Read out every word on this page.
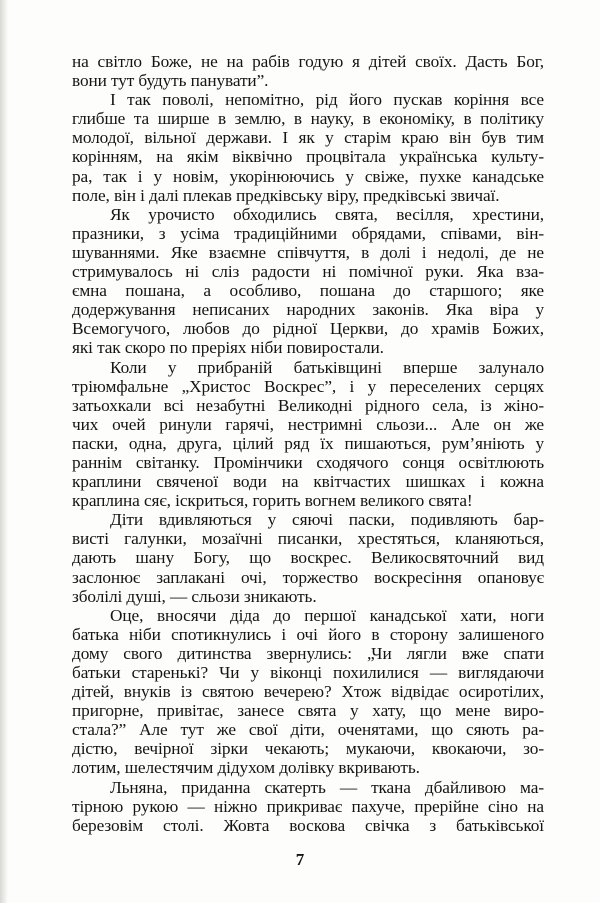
на світло Боже, не на рабів годую я дітей своїх. Дасть Бог,
вони тут будуть панувати”.
І так поволі, непомітно, рід його пускав коріння все
глибше та ширше в землю, в науку, в економіку, в політику
молодої, вільної держави. І як у старім краю він був тим
корінням, на якім віквічно процвітала українська культу-
ра, так і у новім, укорінюючись у свіже, пухке канадське
поле, він і далі плекав предківську віру, предківські звичаї.
Як урочисто обходились свята, весілля, хрестини,
празники, з усіма традиційними обрядами, співами, він-
шуваннями. Яке взаємне співчуття, в долі і недолі, де не
стримувалось ні сліз радости ні помічної руки. Яка вза-
ємна пошана, а особливо, пошана до старшого; яке
додержування неписаних народних законів. Яка віра у
Всемогучого, любов до рідної Церкви, до храмів Божих,
які так скоро по преріях ніби повиростали.
Коли у прибраній батьківщині вперше залунало
тріюмфальне „Христос Воскрес”, і у переселених серцях
затьохкали всі незабутні Великодні рідного села, із жіно-
чих очей ринули гарячі, нестримні сльози... Але он же
паски, одна, друга, цілий ряд їх пишаються, рум’яніють у
раннім світанку. Промінчики сходячого сонця освітлюють
краплини свяченої води на квітчастих шишках і кожна
краплина сяє, іскриться, горить вогнем великого свята!
Діти вдивляються у сяючі паски, подивляють бар-
висті галунки, мозаїчні писанки, хрестяться, кланяються,
дають шану Богу, що воскрес. Великосвяточний вид
заслонює заплакані очі, торжество воскресіння опановує
зболілі душі, — сльози зникають.
Оце, вносячи діда до першої канадської хати, ноги
батька ніби спотикнулись і очі його в сторону залишеного
дому свого дитинства звернулись: „Чи лягли вже спати
батьки старенькі? Чи у віконці похилилися — виглядаючи
дітей, внуків із святою вечерею? Хтож відвідає осиротілих,
пригорне, привітає, занесе свята у хату, що мене виро-
стала?” Але тут же свої діти, оченятами, що сяють ра-
дістю, вечірної зірки чекають; мукаючи, квокаючи, зо-
лотим, шелестячим дідухом долівку вкривають.
Льняна, приданна скатерть — ткана дбайливою ма-
тірною рукою — ніжно прикриває пахуче, прерійне сіно на
березовім столі. Жовта воскова свічка з батьківської
7
